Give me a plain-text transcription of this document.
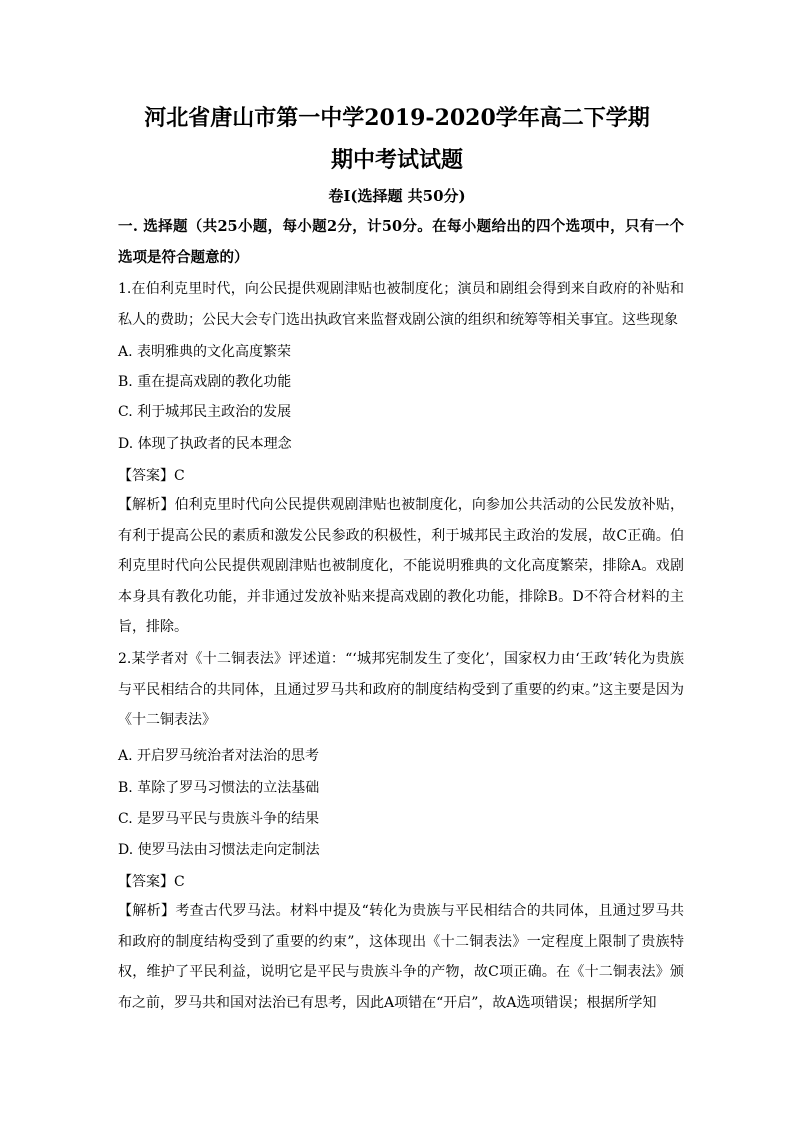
河北省唐山市第一中学2019-2020学年高二下学期
期中考试试题
卷Ⅰ(选择题 共50分)
一. 选择题（共25小题，每小题2分，计50分。在每小题给出的四个选项中，只有一个选项是符合题意的）
1.在伯利克里时代，向公民提供观剧津贴也被制度化；演员和剧组会得到来自政府的补贴和私人的费助；公民大会专门选出执政官来监督戏剧公演的组织和统筹等相关事宜。这些现象
A. 表明雅典的文化高度繁荣
B. 重在提高戏剧的教化功能
C. 利于城邦民主政治的发展
D. 体现了执政者的民本理念
【答案】C
【解析】伯利克里时代向公民提供观剧津贴也被制度化，向参加公共活动的公民发放补贴，有利于提高公民的素质和激发公民参政的积极性，利于城邦民主政治的发展，故C正确。伯利克里时代向公民提供观剧津贴也被制度化，不能说明雅典的文化高度繁荣，排除A。戏剧本身具有教化功能，并非通过发放补贴来提高戏剧的教化功能，排除B。D不符合材料的主旨，排除。
2.某学者对《十二铜表法》评述道：“‘城邦宪制发生了变化’，国家权力由‘王政’转化为贵族与平民相结合的共同体，且通过罗马共和政府的制度结构受到了重要的约束。”这主要是因为《十二铜表法》
A. 开启罗马统治者对法治的思考
B. 革除了罗马习惯法的立法基础
C. 是罗马平民与贵族斗争的结果
D. 使罗马法由习惯法走向定制法
【答案】C
【解析】考查古代罗马法。材料中提及“转化为贵族与平民相结合的共同体，且通过罗马共和政府的制度结构受到了重要的约束”，这体现出《十二铜表法》一定程度上限制了贵族特权，维护了平民利益，说明它是平民与贵族斗争的产物，故C项正确。在《十二铜表法》颁布之前，罗马共和国对法治已有思考，因此A项错在“开启”，故A选项错误；根据所学知
